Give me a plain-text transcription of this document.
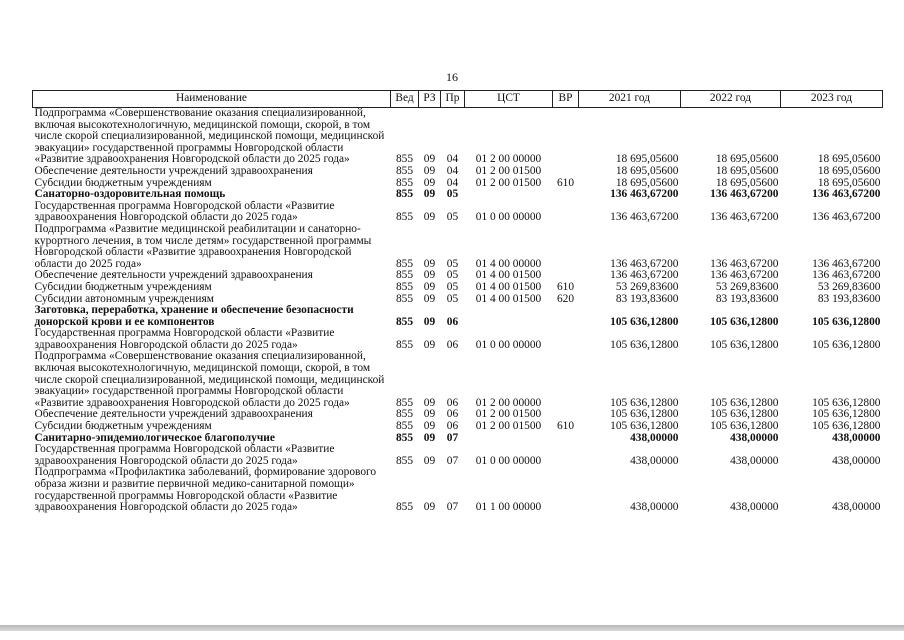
16
Наименование	Вед	РЗ	Пр	ЦСТ	ВР	2021 год	2022 год	2023 год
Подпрограмма «Совершенствование оказания специализированной, включая высокотехнологичную, медицинской помощи, скорой, в том числе скорой специализированной, медицинской помощи, медицинской эвакуации» государственной программы Новгородской области «Развитие здравоохранения Новгородской области до 2025 года»	855	09	04	01 2 00 00000		18 695,05600	18 695,05600	18 695,05600
Обеспечение деятельности учреждений здравоохранения	855	09	04	01 2 00 01500		18 695,05600	18 695,05600	18 695,05600
Субсидии бюджетным учреждениям	855	09	04	01 2 00 01500	610	18 695,05600	18 695,05600	18 695,05600
Санаторно-оздоровительная помощь	855	09	05			136 463,67200	136 463,67200	136 463,67200
Государственная программа Новгородской области «Развитие здравоохранения Новгородской области до 2025 года»	855	09	05	01 0 00 00000		136 463,67200	136 463,67200	136 463,67200
Подпрограмма «Развитие медицинской реабилитации и санаторно-курортного лечения, в том числе детям» государственной программы Новгородской области «Развитие здравоохранения Новгородской области до 2025 года»	855	09	05	01 4 00 00000		136 463,67200	136 463,67200	136 463,67200
Обеспечение деятельности учреждений здравоохранения	855	09	05	01 4 00 01500		136 463,67200	136 463,67200	136 463,67200
Субсидии бюджетным учреждениям	855	09	05	01 4 00 01500	610	53 269,83600	53 269,83600	53 269,83600
Субсидии автономным учреждениям	855	09	05	01 4 00 01500	620	83 193,83600	83 193,83600	83 193,83600
Заготовка, переработка, хранение и обеспечение безопасности донорской крови и ее компонентов	855	09	06			105 636,12800	105 636,12800	105 636,12800
Государственная программа Новгородской области «Развитие здравоохранения Новгородской области до 2025 года»	855	09	06	01 0 00 00000		105 636,12800	105 636,12800	105 636,12800
Подпрограмма «Совершенствование оказания специализированной, включая высокотехнологичную, медицинской помощи, скорой, в том числе скорой специализированной, медицинской помощи, медицинской эвакуации» государственной программы Новгородской области «Развитие здравоохранения Новгородской области до 2025 года»	855	09	06	01 2 00 00000		105 636,12800	105 636,12800	105 636,12800
Обеспечение деятельности учреждений здравоохранения	855	09	06	01 2 00 01500		105 636,12800	105 636,12800	105 636,12800
Субсидии бюджетным учреждениям	855	09	06	01 2 00 01500	610	105 636,12800	105 636,12800	105 636,12800
Санитарно-эпидемиологическое благополучие	855	09	07			438,00000	438,00000	438,00000
Государственная программа Новгородской области «Развитие здравоохранения Новгородской области до 2025 года»	855	09	07	01 0 00 00000		438,00000	438,00000	438,00000
Подпрограмма «Профилактика заболеваний, формирование здорового образа жизни и развитие первичной медико-санитарной помощи» государственной программы Новгородской области «Развитие здравоохранения Новгородской области до 2025 года»	855	09	07	01 1 00 00000		438,00000	438,00000	438,00000
